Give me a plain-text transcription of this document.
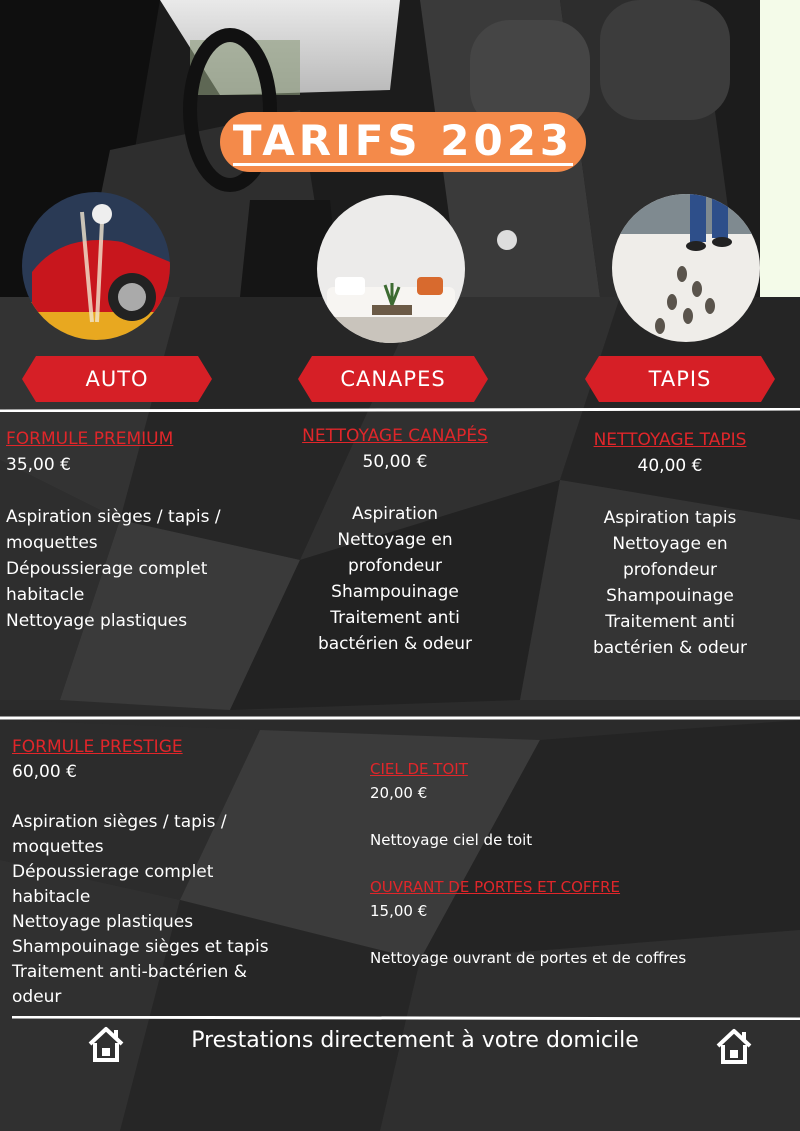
TARIFS 2023
AUTO	CANAPES	TAPIS
FORMULE PREMIUM
35,00 €
Aspiration sièges / tapis /
moquettes
Dépoussierage complet
habitacle
Nettoyage plastiques
NETTOYAGE CANAPÉS
50,00 €
Aspiration
Nettoyage en
profondeur
Shampouinage
Traitement anti
bactérien & odeur
NETTOYAGE TAPIS
40,00 €
Aspiration tapis
Nettoyage en
profondeur
Shampouinage
Traitement anti
bactérien & odeur
FORMULE PRESTIGE
60,00 €
Aspiration sièges / tapis /
moquettes
Dépoussierage complet
habitacle
Nettoyage plastiques
Shampouinage sièges et tapis
Traitement anti-bactérien &
odeur
CIEL DE TOIT
20,00 €
Nettoyage ciel de toit
OUVRANT DE PORTES ET COFFRE
15,00 €
Nettoyage ouvrant de portes et de coffres
Prestations directement à votre domicile
